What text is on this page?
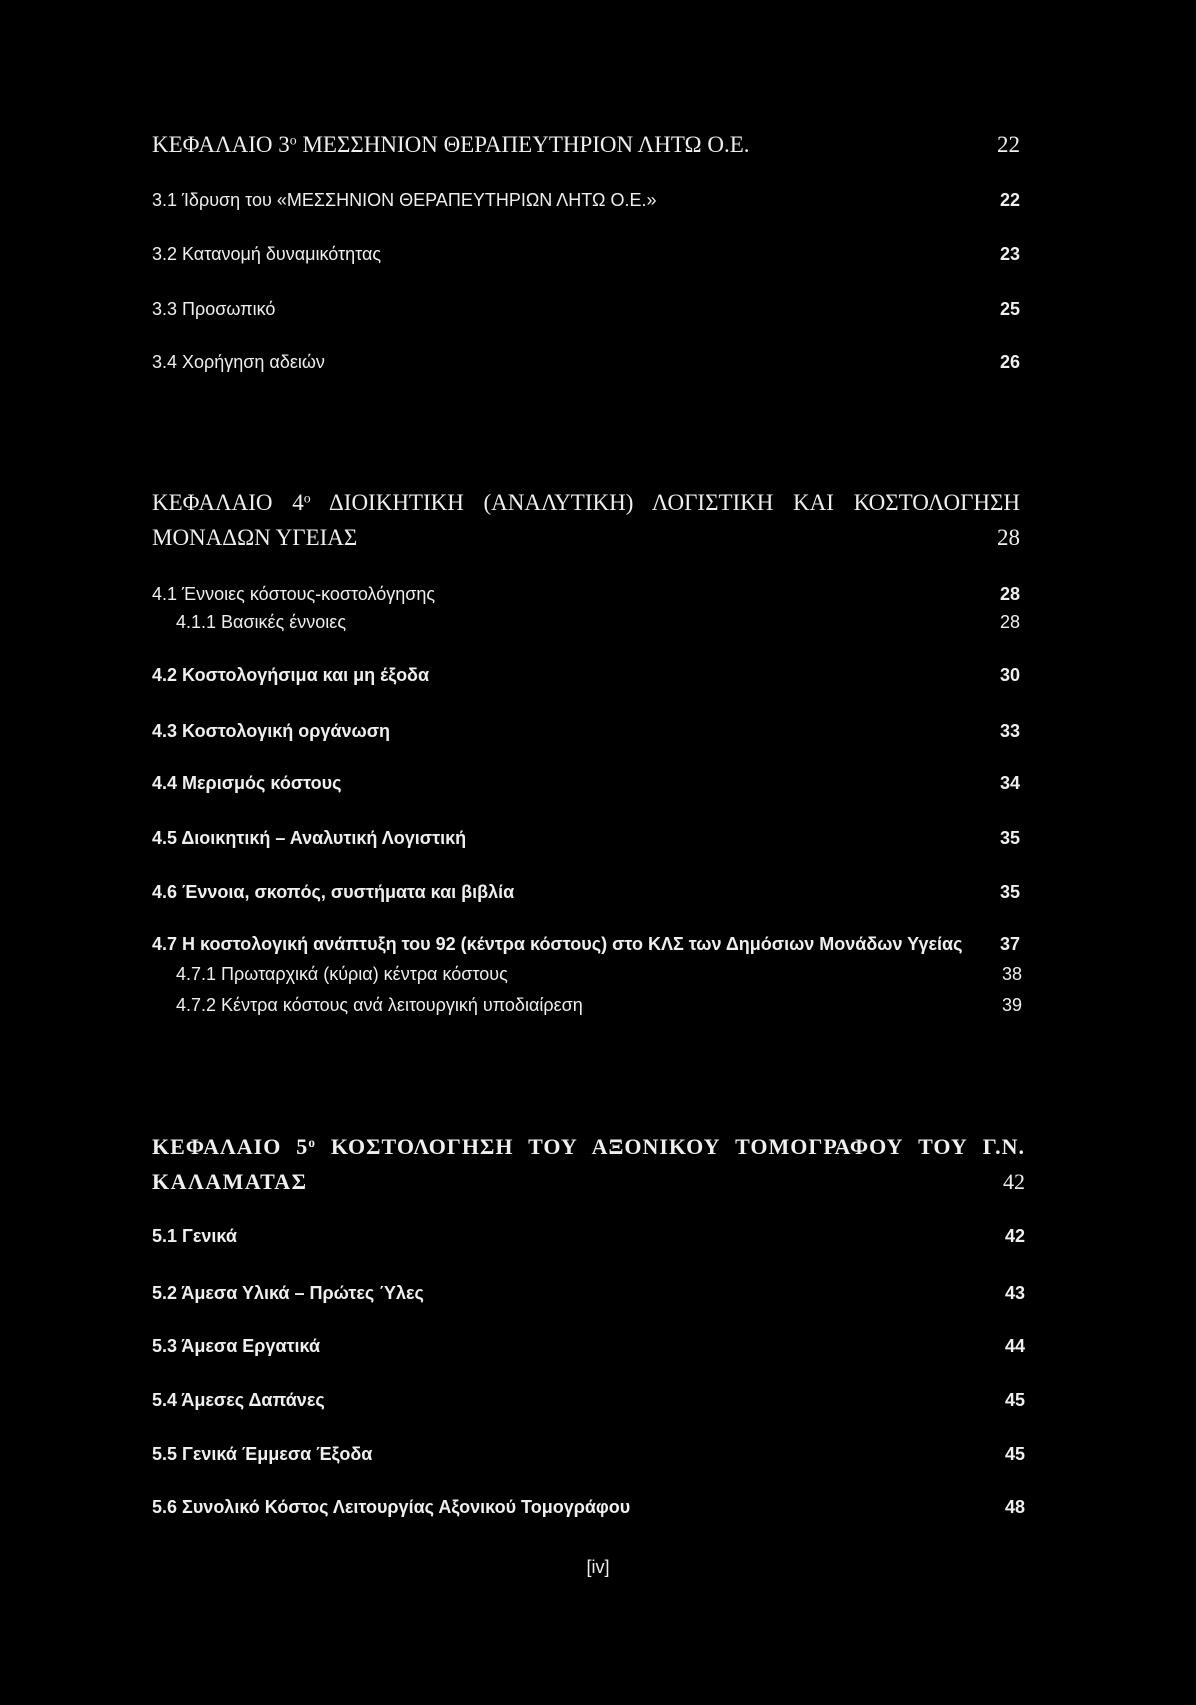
ΚΕΦΑΛΑΙΟ $3^o$ ΜΕΣΣΗΝΙΟΝ ΘΕΡΑΠΕΥΤΗΡΙΟΝ ΛΗΤΩ Ο.Ε.	22
3.1 Ίδρυση του «ΜΕΣΣΗΝΙΟΝ ΘΕΡΑΠΕΥΤΗΡΙΩΝ ΛΗΤΩ Ο.Ε.»	22
3.2 Κατανομή δυναμικότητας	23
3.3 Προσωπικό	25
3.4 Χορήγηση αδειών	26
ΚΕΦΑΛΑΙΟ $4^o$ ΔΙΟΙΚΗΤΙΚΗ (ΑΝΑΛΥΤΙΚΗ) ΛΟΓΙΣΤΙΚΗ ΚΑΙ ΚΟΣΤΟΛΟΓΗΣΗ
ΜΟΝΑΔΩΝ ΥΓΕΙΑΣ	28
4.1 Έννοιες κόστους-κοστολόγησης	28
4.1.1 Βασικές έννοιες	28
4.2 Κοστολογήσιμα και μη έξοδα	30
4.3 Κοστολογική οργάνωση	33
4.4 Μερισμός κόστους	34
4.5 Διοικητική – Αναλυτική Λογιστική	35
4.6 Έννοια, σκοπός, συστήματα και βιβλία	35
4.7 Η κοστολογική ανάπτυξη του 92 (κέντρα κόστους) στο ΚΛΣ των Δημόσιων Μονάδων Υγείας 37
4.7.1 Πρωταρχικά (κύρια) κέντρα κόστους	38
4.7.2 Κέντρα κόστους ανά λειτουργική υποδιαίρεση	39
ΚΕΦΑΛΑΙΟ $5^o$ ΚΟΣΤΟΛΟΓΗΣΗ ΤΟΥ ΑΞΟΝΙΚΟΥ ΤΟΜΟΓΡΑΦΟΥ ΤΟΥ Γ.Ν.
ΚΑΛΑΜΑΤΑΣ	42
5.1 Γενικά	42
5.2 Άμεσα Υλικά – Πρώτες Ύλες	43
5.3 Άμεσα Εργατικά	44
5.4 Άμεσες Δαπάνες	45
5.5 Γενικά Έμμεσα Έξοδα	45
5.6 Συνολικό Κόστος Λειτουργίας Αξονικού Τομογράφου	48
[iv]
